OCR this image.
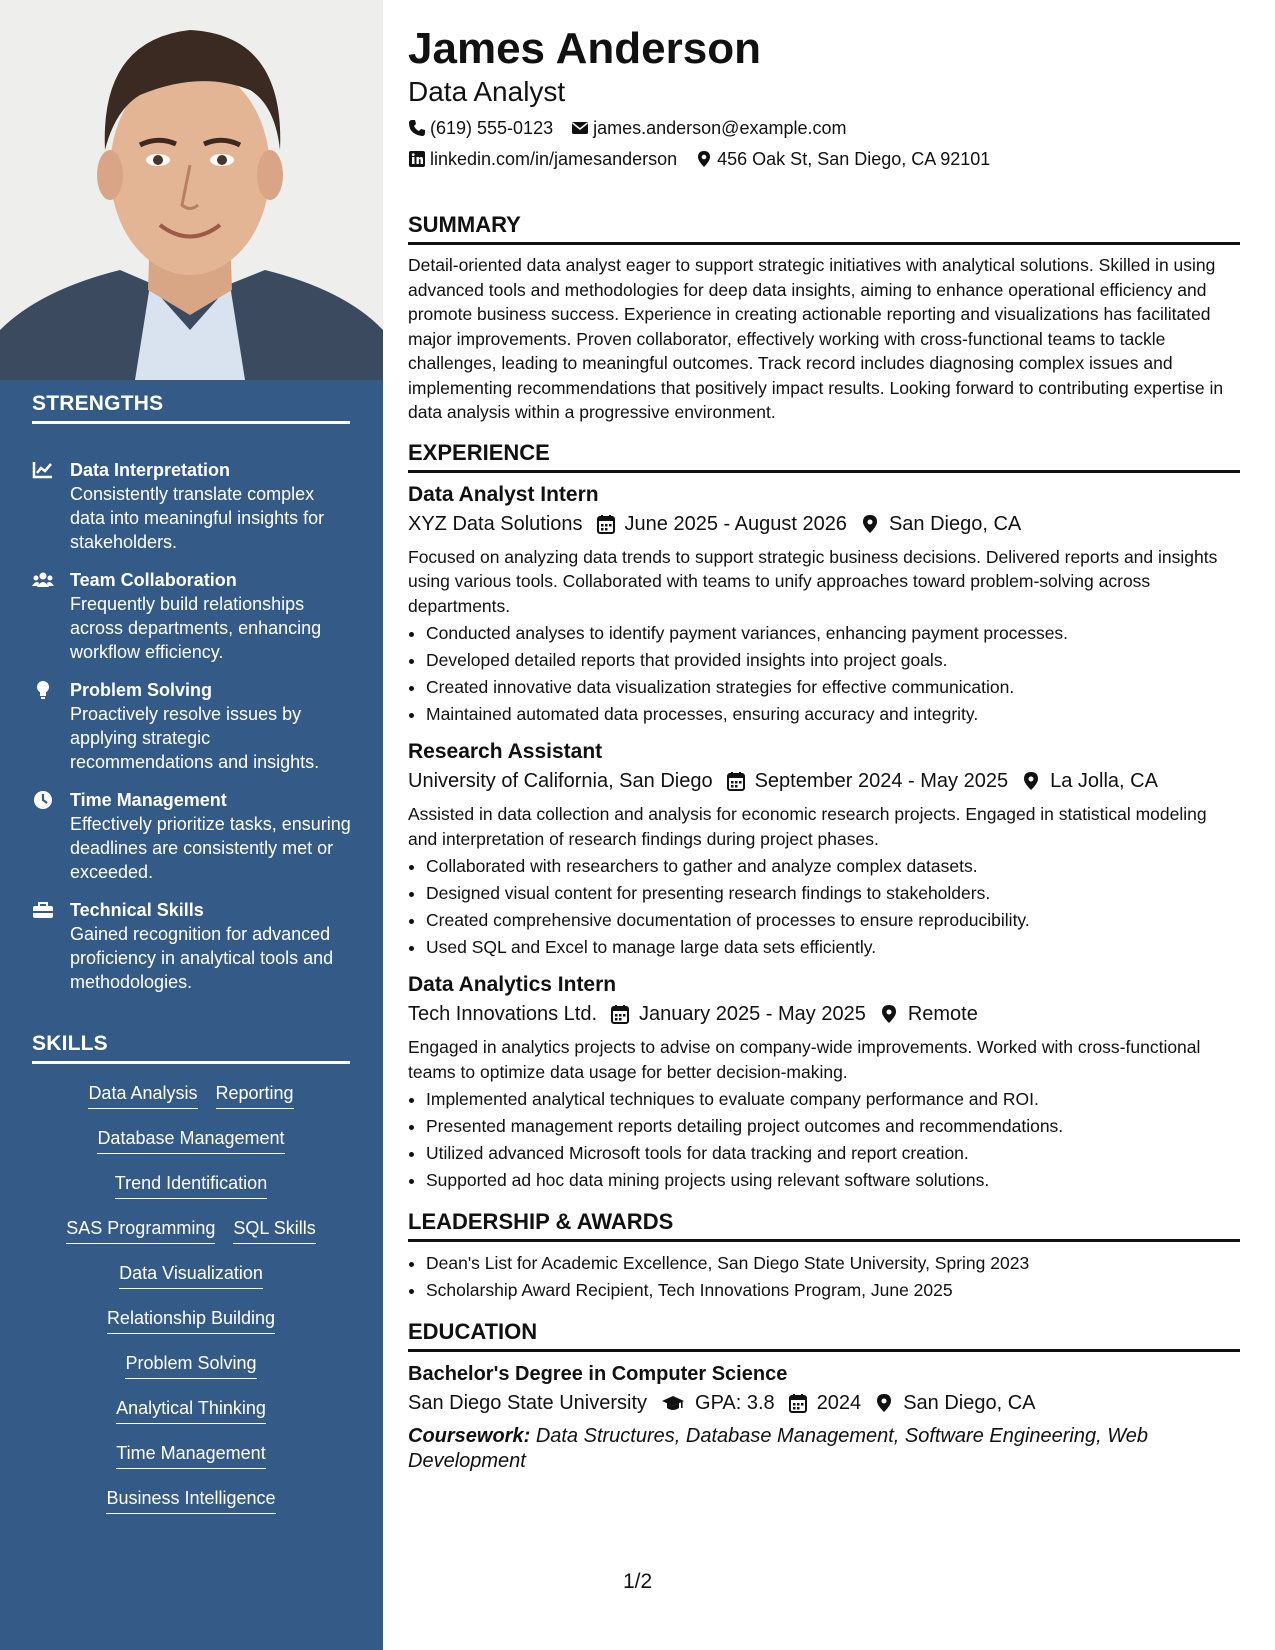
STRENGTHS
Data Interpretation
Consistently translate complex data into meaningful insights for stakeholders.
Team Collaboration
Frequently build relationships across departments, enhancing workflow efficiency.
Problem Solving
Proactively resolve issues by applying strategic recommendations and insights.
Time Management
Effectively prioritize tasks, ensuring deadlines are consistently met or exceeded.
Technical Skills
Gained recognition for advanced proficiency in analytical tools and methodologies.
SKILLS
Data Analysis Reporting
Database Management
Trend Identification
SAS Programming SQL Skills
Data Visualization
Relationship Building
Problem Solving
Analytical Thinking
Time Management
Business Intelligence
James Anderson
Data Analyst
(619) 555-0123 james.anderson@example.com
linkedin.com/in/jamesanderson 456 Oak St, San Diego, CA 92101
SUMMARY
Detail-oriented data analyst eager to support strategic initiatives with analytical solutions. Skilled in using advanced tools and methodologies for deep data insights, aiming to enhance operational efficiency and promote business success. Experience in creating actionable reporting and visualizations has facilitated major improvements. Proven collaborator, effectively working with cross-functional teams to tackle challenges, leading to meaningful outcomes. Track record includes diagnosing complex issues and implementing recommendations that positively impact results. Looking forward to contributing expertise in data analysis within a progressive environment.
EXPERIENCE
Data Analyst Intern
XYZ Data Solutions June 2025 - August 2026 San Diego, CA
Focused on analyzing data trends to support strategic business decisions. Delivered reports and insights using various tools. Collaborated with teams to unify approaches toward problem-solving across departments.
• Conducted analyses to identify payment variances, enhancing payment processes.
• Developed detailed reports that provided insights into project goals.
• Created innovative data visualization strategies for effective communication.
• Maintained automated data processes, ensuring accuracy and integrity.
Research Assistant
University of California, San Diego September 2024 - May 2025 La Jolla, CA
Assisted in data collection and analysis for economic research projects. Engaged in statistical modeling and interpretation of research findings during project phases.
• Collaborated with researchers to gather and analyze complex datasets.
• Designed visual content for presenting research findings to stakeholders.
• Created comprehensive documentation of processes to ensure reproducibility.
• Used SQL and Excel to manage large data sets efficiently.
Data Analytics Intern
Tech Innovations Ltd. January 2025 - May 2025 Remote
Engaged in analytics projects to advise on company-wide improvements. Worked with cross-functional teams to optimize data usage for better decision-making.
• Implemented analytical techniques to evaluate company performance and ROI.
• Presented management reports detailing project outcomes and recommendations.
• Utilized advanced Microsoft tools for data tracking and report creation.
• Supported ad hoc data mining projects using relevant software solutions.
LEADERSHIP & AWARDS
• Dean's List for Academic Excellence, San Diego State University, Spring 2023
• Scholarship Award Recipient, Tech Innovations Program, June 2025
EDUCATION
Bachelor's Degree in Computer Science
San Diego State University GPA: 3.8 2024 San Diego, CA
Coursework: Data Structures, Database Management, Software Engineering, Web Development
1/2
